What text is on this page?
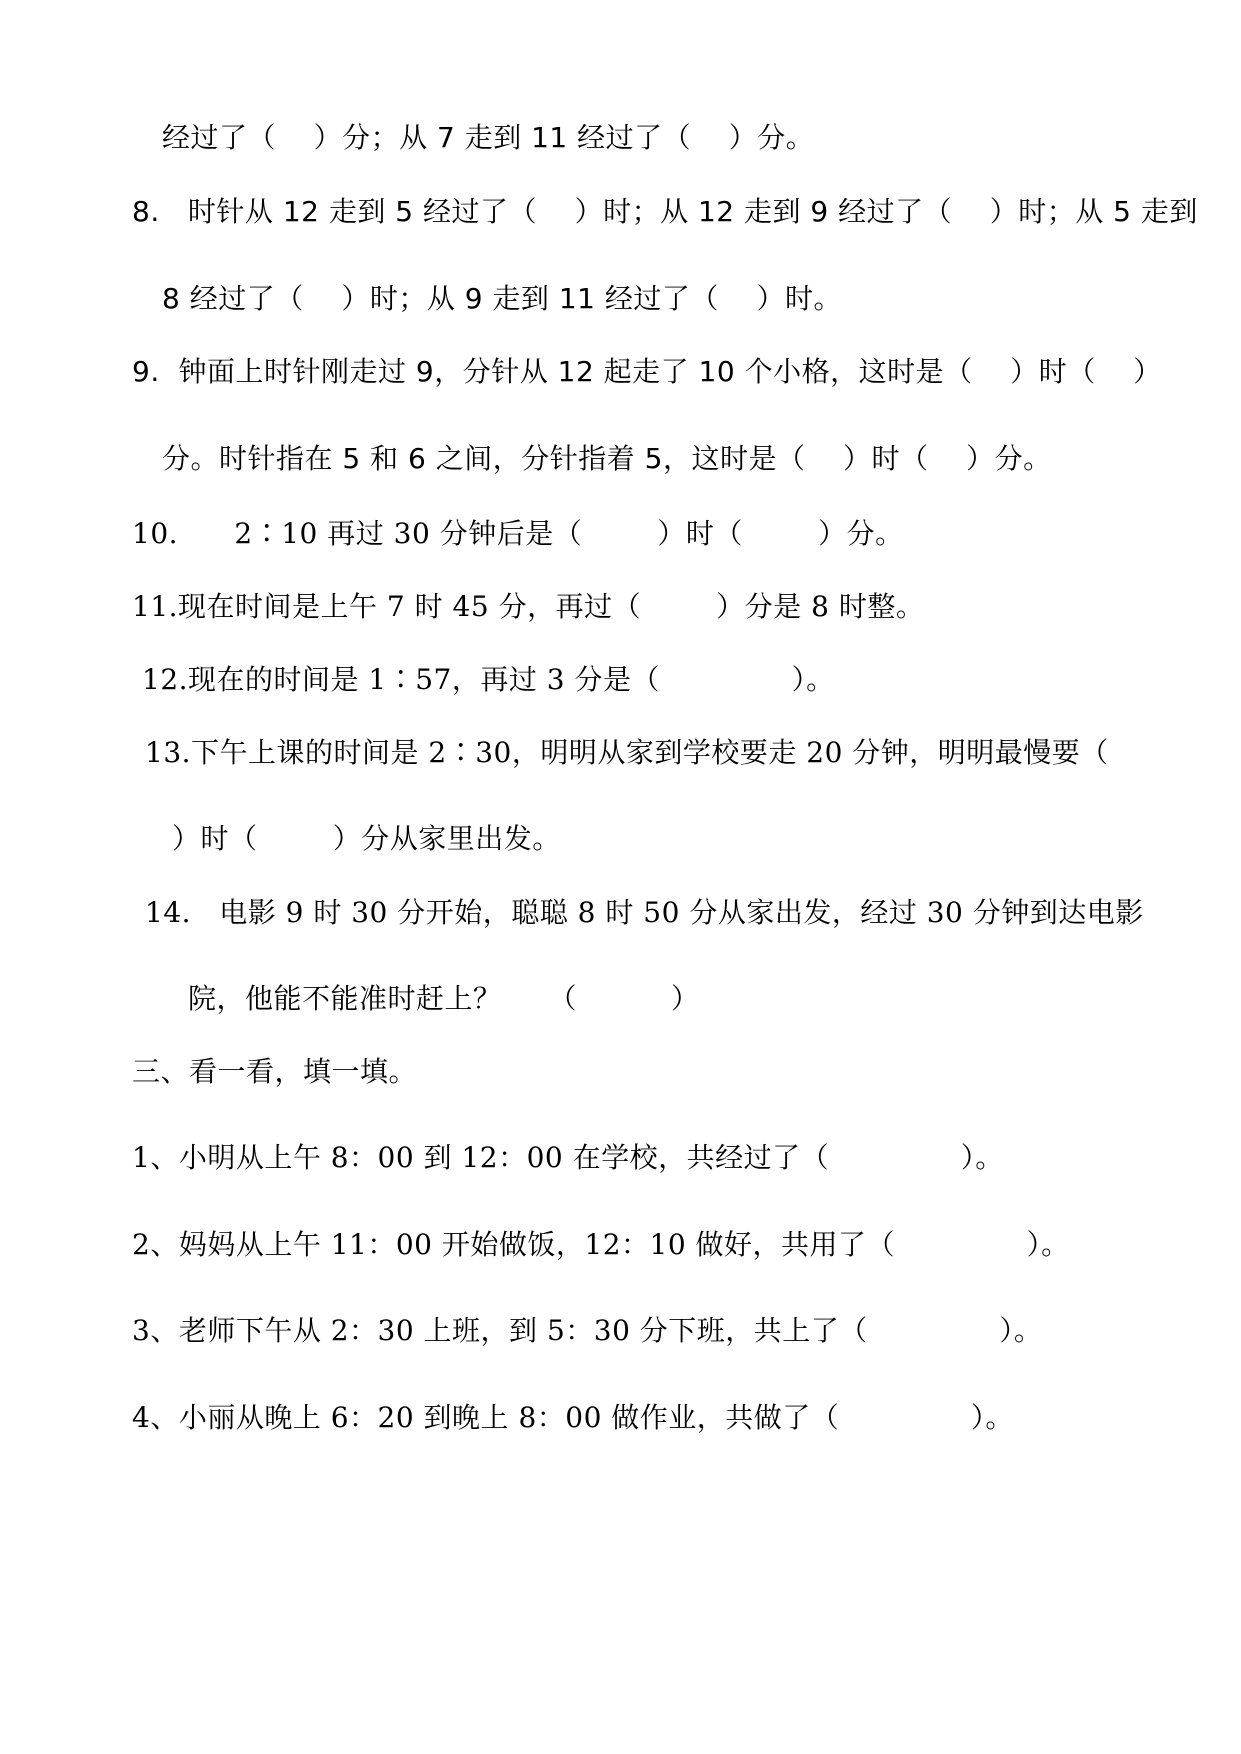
经过了（    ）分；从 7 走到 11 经过了（    ）分。
8.   时针从 12 走到 5 经过了（    ）时；从 12 走到 9 经过了（    ）时；从 5 走到
8 经过了（    ）时；从 9 走到 11 经过了（    ）时。
9.  钟面上时针刚走过 9，分针从 12 起走了 10 个小格，这时是（    ）时（    ）
分。时针指在 5 和 6 之间，分针指着 5，这时是（    ）时（    ）分。
10.      2∶10 再过 30 分钟后是（        ）时（        ）分。
11.现在时间是上午 7 时 45 分，再过（        ）分是 8 时整。
12.现在的时间是 1∶57，再过 3 分是（              ）。
13.下午上课的时间是 2∶30，明明从家到学校要走 20 分钟，明明最慢要（
）时（        ）分从家里出发。
14.   电影 9 时 30 分开始，聪聪 8 时 50 分从家出发，经过 30 分钟到达电影
院，他能不能准时赶上？     （          ）
三、看一看，填一填。
1、小明从上午 8：00 到 12：00 在学校，共经过了（              ）。
2、妈妈从上午 11：00 开始做饭，12：10 做好，共用了（              ）。
3、老师下午从 2：30 上班，到 5：30 分下班，共上了（              ）。
4、小丽从晚上 6：20 到晚上 8：00 做作业，共做了（              ）。
